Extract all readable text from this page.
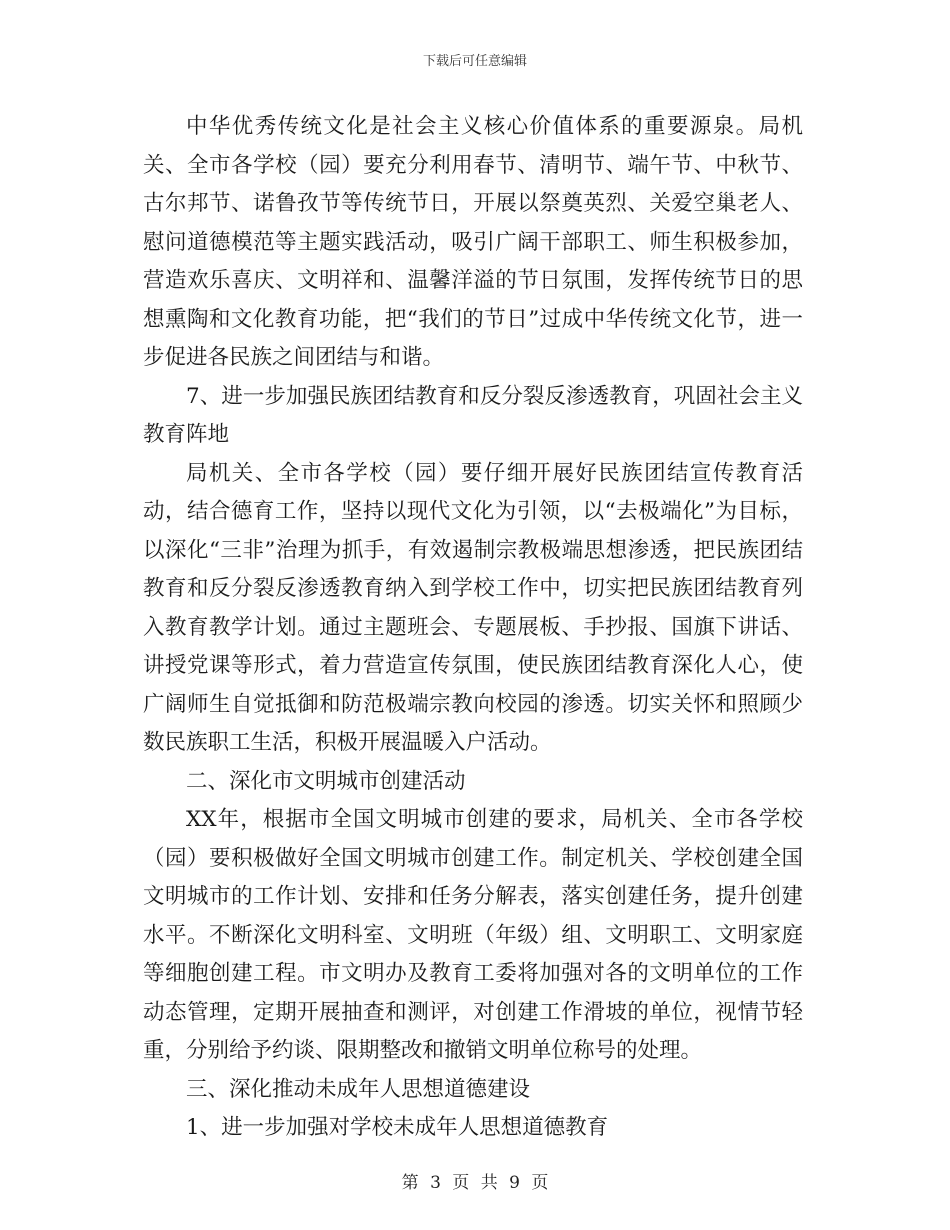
下载后可任意编辑

中华优秀传统文化是社会主义核心价值体系的重要源泉。局机关、全市各学校（园）要充分利用春节、清明节、端午节、中秋节、古尔邦节、诺鲁孜节等传统节日，开展以祭奠英烈、关爱空巢老人、慰问道德模范等主题实践活动，吸引广阔干部职工、师生积极参加，营造欢乐喜庆、文明祥和、温馨洋溢的节日氛围，发挥传统节日的思想熏陶和文化教育功能，把“我们的节日”过成中华传统文化节，进一步促进各民族之间团结与和谐。

7、进一步加强民族团结教育和反分裂反渗透教育，巩固社会主义教育阵地

局机关、全市各学校（园）要仔细开展好民族团结宣传教育活动，结合德育工作，坚持以现代文化为引领，以“去极端化”为目标，以深化“三非”治理为抓手，有效遏制宗教极端思想渗透，把民族团结教育和反分裂反渗透教育纳入到学校工作中，切实把民族团结教育列入教育教学计划。通过主题班会、专题展板、手抄报、国旗下讲话、讲授党课等形式，着力营造宣传氛围，使民族团结教育深化人心，使广阔师生自觉抵御和防范极端宗教向校园的渗透。切实关怀和照顾少数民族职工生活，积极开展温暖入户活动。

二、深化市文明城市创建活动

XX年，根据市全国文明城市创建的要求，局机关、全市各学校（园）要积极做好全国文明城市创建工作。制定机关、学校创建全国文明城市的工作计划、安排和任务分解表，落实创建任务，提升创建水平。不断深化文明科室、文明班（年级）组、文明职工、文明家庭等细胞创建工程。市文明办及教育工委将加强对各的文明单位的工作动态管理，定期开展抽查和测评，对创建工作滑坡的单位，视情节轻重，分别给予约谈、限期整改和撤销文明单位称号的处理。

三、深化推动未成年人思想道德建设

1、进一步加强对学校未成年人思想道德教育

第 3 页 共 9 页
